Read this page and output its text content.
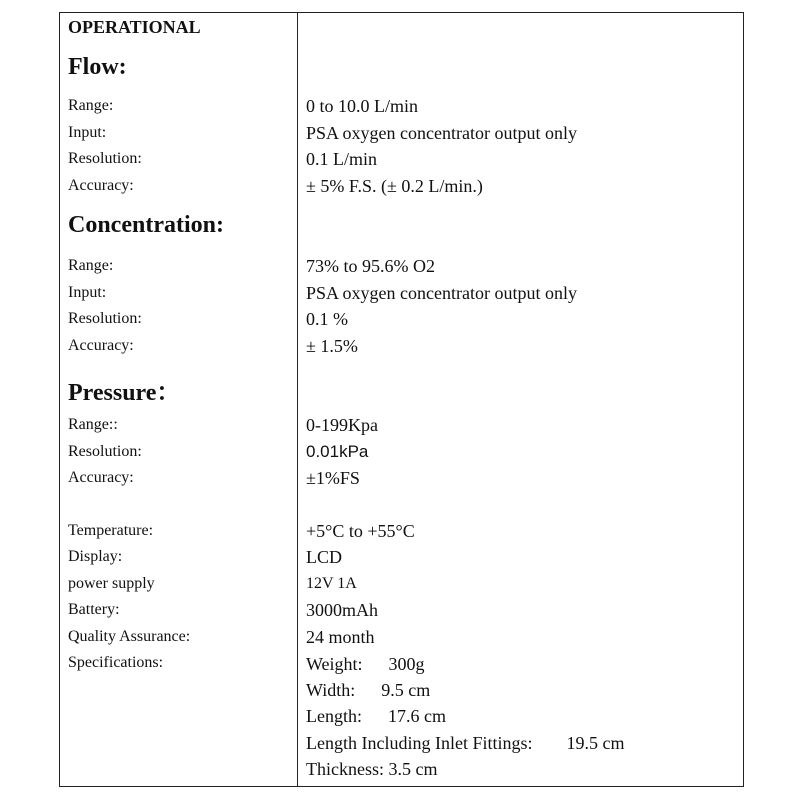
OPERATIONAL
Flow:
Range:	0 to 10.0 L/min
Input:	PSA oxygen concentrator output only
Resolution:	0.1 L/min
Accuracy:	± 5% F.S. (± 0.2 L/min.)
Concentration:
Range:	73% to 95.6% O2
Input:	PSA oxygen concentrator output only
Resolution:	0.1 %
Accuracy:	± 1.5%
Pressure：
Range::	0-199Kpa
Resolution:	0.01kPa
Accuracy:	±1%FS
Temperature:	+5°C to +55°C
Display:	LCD
power supply	12V 1A
Battery:	3000mAh
Quality Assurance:	24 month
Specifications:	Weight: 300g
Width: 9.5 cm
Length: 17.6 cm
Length Including Inlet Fittings: 19.5 cm
Thickness: 3.5 cm
